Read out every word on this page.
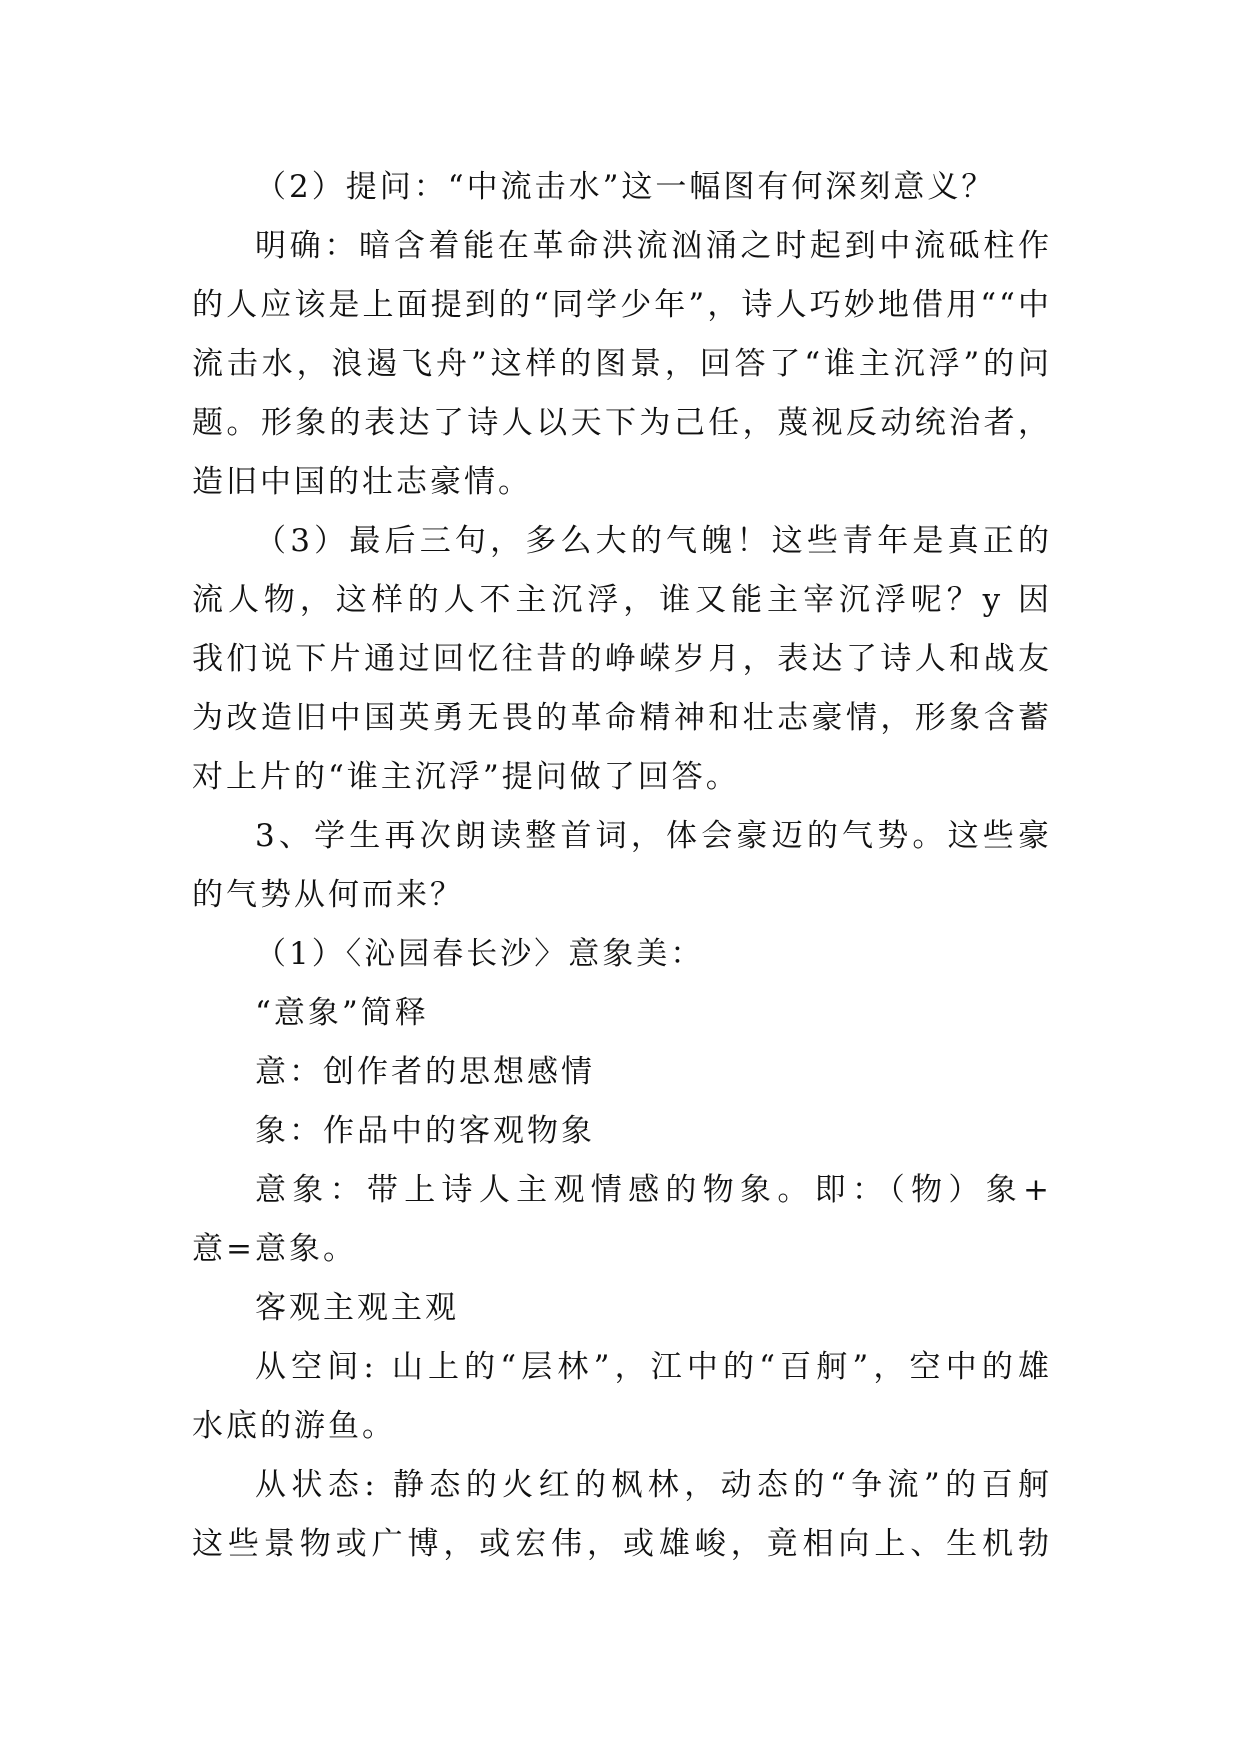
（2）提问：“中流击水”这一幅图有何深刻意义？
明确：暗含着能在革命洪流汹涌之时起到中流砥柱作
的人应该是上面提到的“同学少年”，诗人巧妙地借用““中
流击水，浪遏飞舟”这样的图景，回答了“谁主沉浮”的问
题。形象的表达了诗人以天下为己任，蔑视反动统治者，
造旧中国的壮志豪情。
（3）最后三句，多么大的气魄！这些青年是真正的
流人物，这样的人不主沉浮，谁又能主宰沉浮呢？y 因
我们说下片通过回忆往昔的峥嵘岁月，表达了诗人和战友
为改造旧中国英勇无畏的革命精神和壮志豪情，形象含蓄
对上片的“谁主沉浮”提问做了回答。
3、学生再次朗读整首词，体会豪迈的气势。这些豪
的气势从何而来？
（1）〈沁园春长沙〉意象美：
“意象”简释
意：创作者的思想感情
象：作品中的客观物象
意象：带上诗人主观情感的物象。即：（物）象+
意=意象。
客观主观主观
从空间: 山上的“层林”，江中的“百舸”，空中的雄
水底的游鱼。
从状态: 静态的火红的枫林，动态的“争流”的百舸
这些景物或广博，或宏伟，或雄峻，竟相向上、生机勃
